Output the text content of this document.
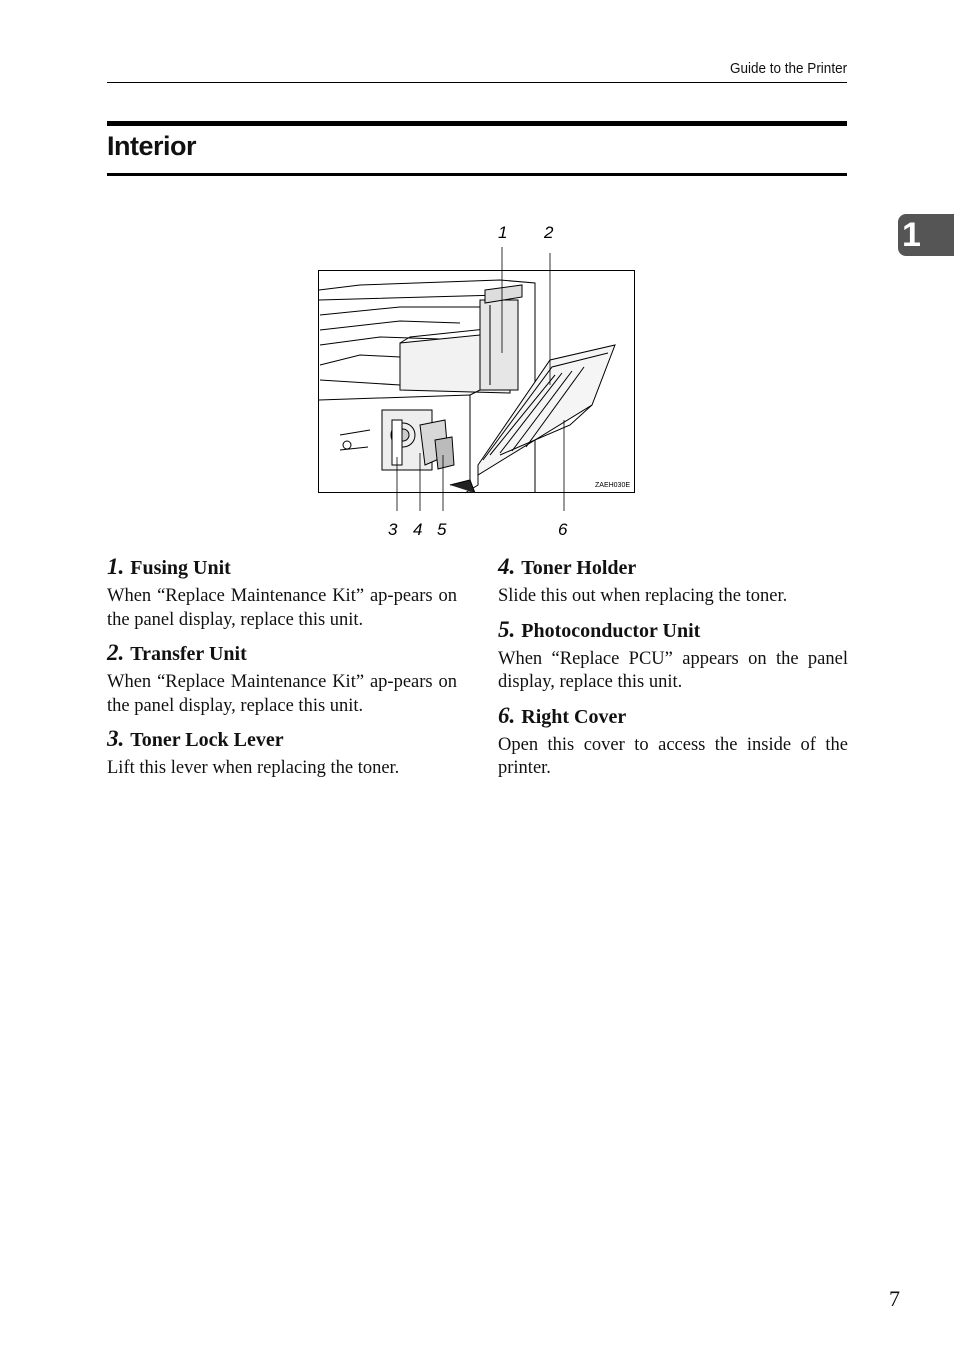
Guide to the Printer
Interior
1
1 2
3 4 5	6
ZAEH030E
1. Fusing Unit
When “Replace Maintenance Kit” ap-pears on the panel display, replace this unit.
2. Transfer Unit
When “Replace Maintenance Kit” ap-pears on the panel display, replace this unit.
3. Toner Lock Lever
Lift this lever when replacing the toner.
4. Toner Holder
Slide this out when replacing the toner.
5. Photoconductor Unit
When “Replace PCU” appears on the panel display, replace this unit.
6. Right Cover
Open this cover to access the inside of the printer.
7
